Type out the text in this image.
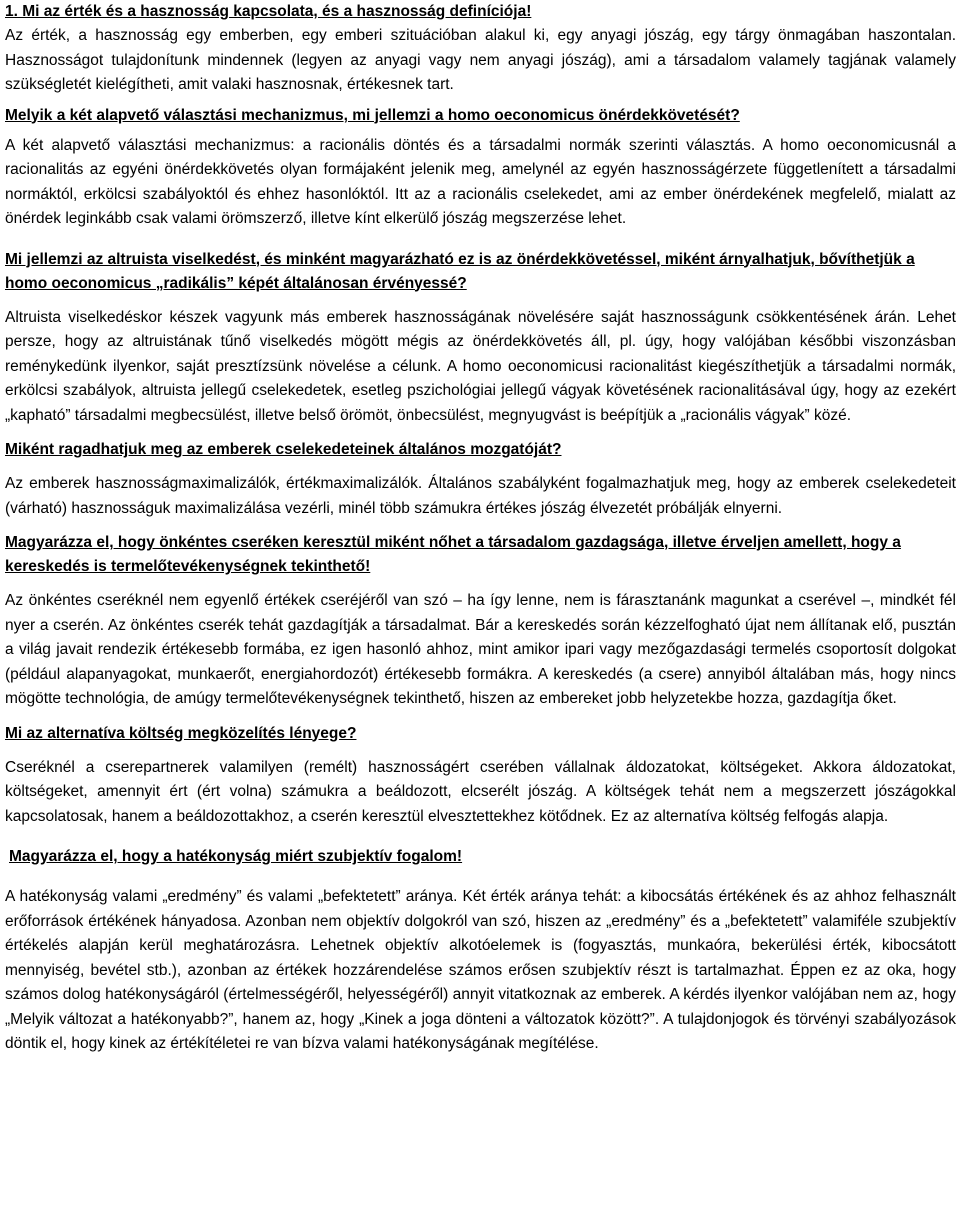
1. Mi az érték és a hasznosság kapcsolata, és a hasznosság definíciója!

Az érték, a hasznosság egy emberben, egy emberi szituációban alakul ki, egy anyagi jószág, egy tárgy önmagában haszontalan. Hasznosságot tulajdonítunk mindennek (legyen az anyagi vagy nem anyagi jószág), ami a társadalom valamely tagjának valamely szükségletét kielégítheti, amit valaki hasznosnak, értékesnek tart.

Melyik a két alapvető választási mechanizmus, mi jellemzi a homo oeconomicus önérdekkövetését?

A két alapvető választási mechanizmus: a racionális döntés és a társadalmi normák szerinti választás. A homo oeconomicusnál a racionalitás az egyéni önérdekkövetés olyan formájaként jelenik meg, amelynél az egyén hasznosságérzete függetlenített a társadalmi normáktól, erkölcsi szabályoktól és ehhez hasonlóktól. Itt az a racionális cselekedet, ami az ember önérdekének megfelelő, mialatt az önérdek leginkább csak valami örömszerző, illetve kínt elkerülő jószág megszerzése lehet.

Mi jellemzi az altruista viselkedést, és minként magyarázható ez is az önérdekkövetéssel, miként árnyalhatjuk, bővíthetjük a homo oeconomicus „radikális” képét általánosan érvényessé?

Altruista viselkedéskor készek vagyunk más emberek hasznosságának növelésére saját hasznosságunk csökkentésének árán. Lehet persze, hogy az altruistának tűnő viselkedés mögött mégis az önérdekkövetés áll, pl. úgy, hogy valójában későbbi viszonzásban reménykedünk ilyenkor, saját presztízsünk növelése a célunk. A homo oeconomicusi racionalitást kiegészíthetjük a társadalmi normák, erkölcsi szabályok, altruista jellegű cselekedetek, esetleg pszichológiai jellegű vágyak követésének racionalitásával úgy, hogy az ezekért „kapható” társadalmi megbecsülést, illetve belső örömöt, önbecsülést, megnyugvást is beépítjük a „racionális vágyak” közé.

Miként ragadhatjuk meg az emberek cselekedeteinek általános mozgatóját?

Az emberek hasznosságmaximalizálók, értékmaximalizálók. Általános szabályként fogalmazhatjuk meg, hogy az emberek cselekedeteit (várható) hasznosságuk maximalizálása vezérli, minél több számukra értékes jószág élvezetét próbálják elnyerni.

Magyarázza el, hogy önkéntes cseréken keresztül miként nőhet a társadalom gazdagsága, illetve érveljen amellett, hogy a kereskedés is termelőtevékenységnek tekinthető!

Az önkéntes cseréknél nem egyenlő értékek cseréjéről van szó – ha így lenne, nem is fárasztanánk magunkat a cserével –, mindkét fél nyer a cserén. Az önkéntes cserék tehát gazdagítják a társadalmat. Bár a kereskedés során kézzelfogható újat nem állítanak elő, pusztán a világ javait rendezik értékesebb formába, ez igen hasonló ahhoz, mint amikor ipari vagy mezőgazdasági termelés csoportosít dolgokat (például alapanyagokat, munkaerőt, energiahordozót) értékesebb formákra. A kereskedés (a csere) annyiból általában más, hogy nincs mögötte technológia, de amúgy termelőtevékenységnek tekinthető, hiszen az embereket jobb helyzetekbe hozza, gazdagítja őket.

Mi az alternatíva költség megközelítés lényege?

Cseréknél a cserepartnerek valamilyen (remélt) hasznosságért cserében vállalnak áldozatokat, költségeket. Akkora áldozatokat, költségeket, amennyit ért (ért volna) számukra a beáldozott, elcserélt jószág. A költségek tehát nem a megszerzett jószágokkal kapcsolatosak, hanem a beáldozottakhoz, a cserén keresztül elvesztettekhez kötődnek. Ez az alternatíva költség felfogás alapja.

Magyarázza el, hogy a hatékonyság miért szubjektív fogalom!

A hatékonyság valami „eredmény” és valami „befektetett” aránya. Két érték aránya tehát: a kibocsátás értékének és az ahhoz felhasznált erőforrások értékének hányadosa. Azonban nem objektív dolgokról van szó, hiszen az „eredmény” és a „befektetett” valamiféle szubjektív értékelés alapján kerül meghatározásra. Lehetnek objektív alkotóelemek is (fogyasztás, munkaóra, bekerülési érték, kibocsátott mennyiség, bevétel stb.), azonban az értékek hozzárendelése számos erősen szubjektív részt is tartalmazhat. Éppen ez az oka, hogy számos dolog hatékonyságáról (értelmességéről, helyességéről) annyit vitatkoznak az emberek. A kérdés ilyenkor valójában nem az, hogy „Melyik változat a hatékonyabb?”, hanem az, hogy „Kinek a joga dönteni a változatok között?”. A tulajdonjogok és törvényi szabályozások döntik el, hogy kinek az értékítéletei re van bízva valami hatékonyságának megítélése.
